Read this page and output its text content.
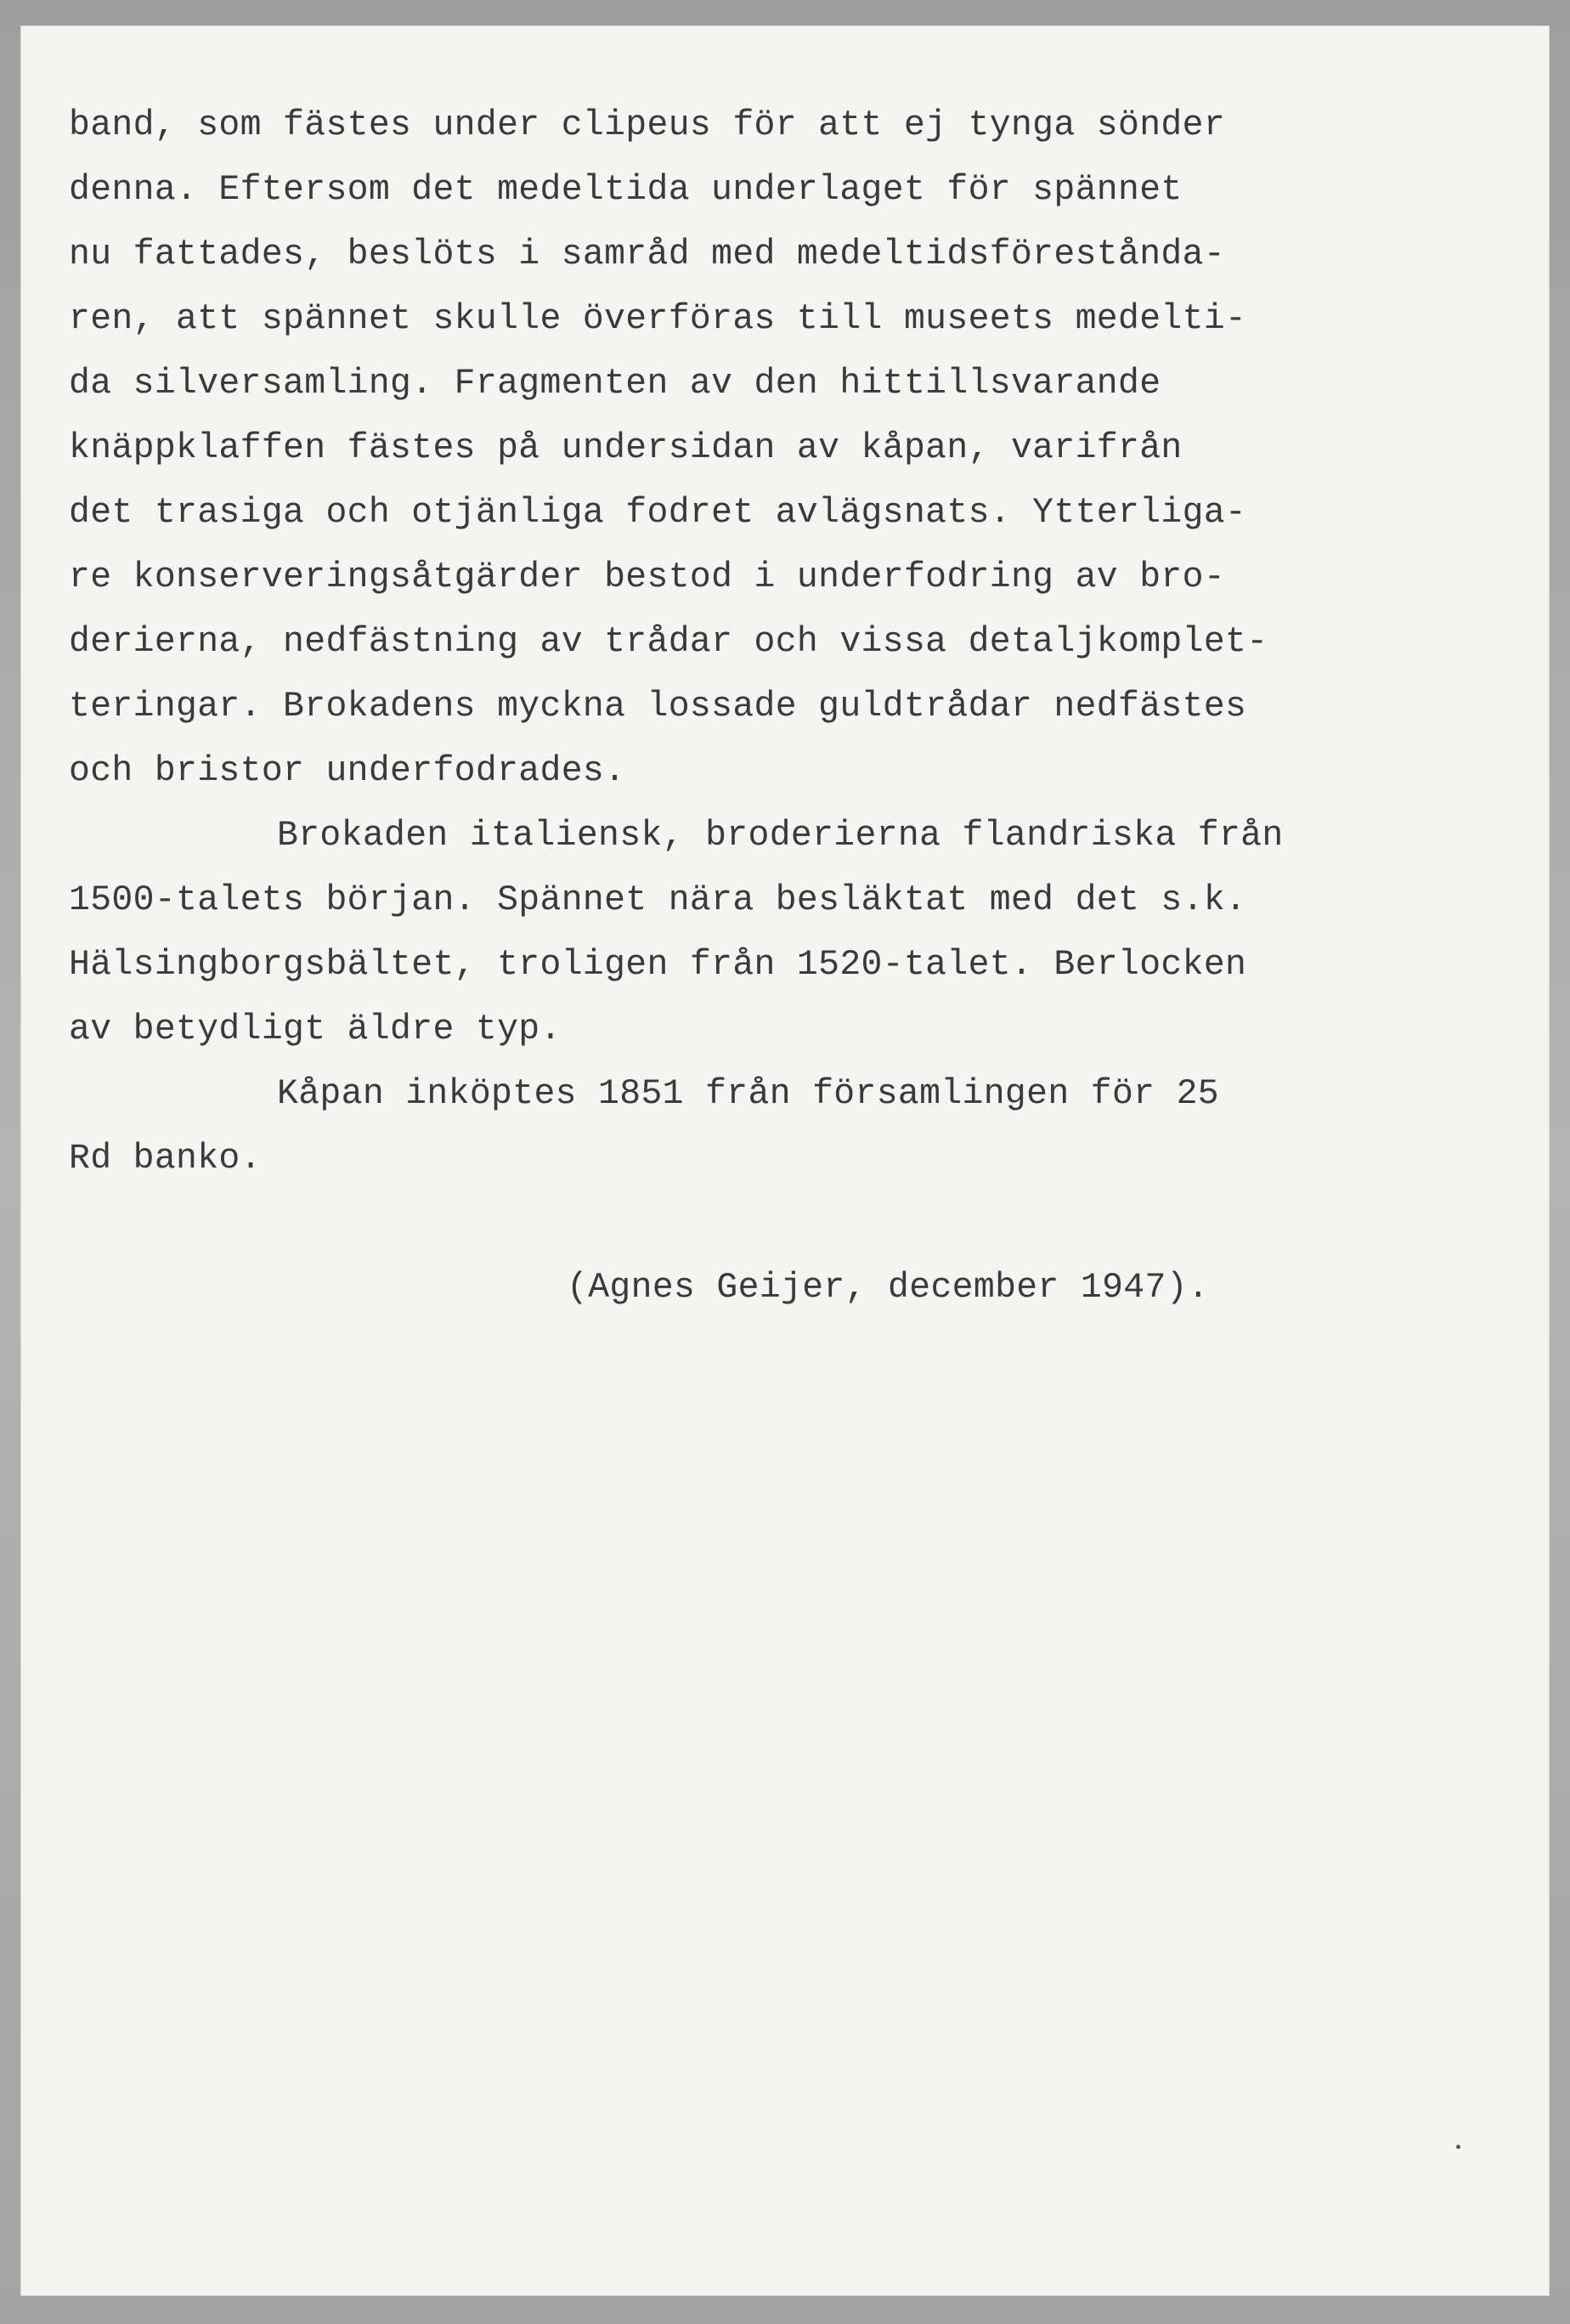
band, som fästes under clipeus för att ej tynga sönder

denna. Eftersom det medeltida underlaget för spännet

nu fattades, beslöts i samråd med medeltidsförestånda-

ren, att spännet skulle överföras till museets medelti-

da silversamling. Fragmenten av den hittillsvarande

knäppklaffen fästes på undersidan av kåpan, varifrån

det trasiga och otjänliga fodret avlägsnats. Ytterliga-

re konserveringsåtgärder bestod i underfodring av bro-

derierna, nedfästning av trådar och vissa detaljkomplet-

teringar. Brokadens myckna lossade guldtrådar nedfästes

och bristor underfodrades.

Brokaden italiensk, broderierna flandriska från

1500-talets början. Spännet nära besläktat med det s.k.

Hälsingborgsbältet, troligen från 1520-talet. Berlocken

av betydligt äldre typ.

Kåpan inköptes 1851 från församlingen för 25

Rd banko.

(Agnes Geijer, december 1947).
